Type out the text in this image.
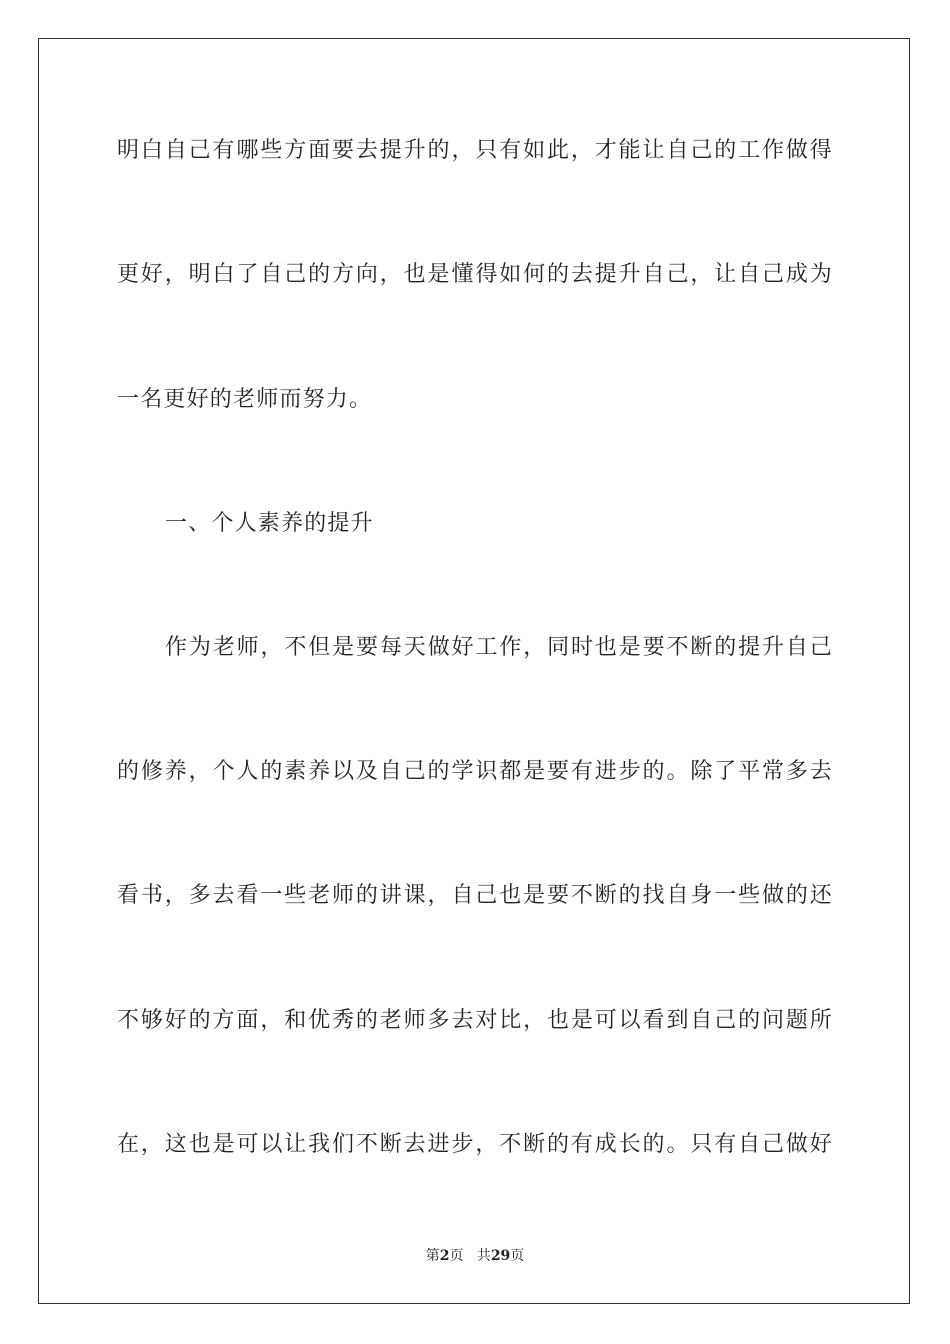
明白自己有哪些方面要去提升的，只有如此，才能让自己的工作做得
更好，明白了自己的方向，也是懂得如何的去提升自己，让自己成为
一名更好的老师而努力。
一、个人素养的提升
作为老师，不但是要每天做好工作，同时也是要不断的提升自己
的修养，个人的素养以及自己的学识都是要有进步的。除了平常多去
看书，多去看一些老师的讲课，自己也是要不断的找自身一些做的还
不够好的方面，和优秀的老师多去对比，也是可以看到自己的问题所
在，这也是可以让我们不断去进步，不断的有成长的。只有自己做好
第2页 共29页
